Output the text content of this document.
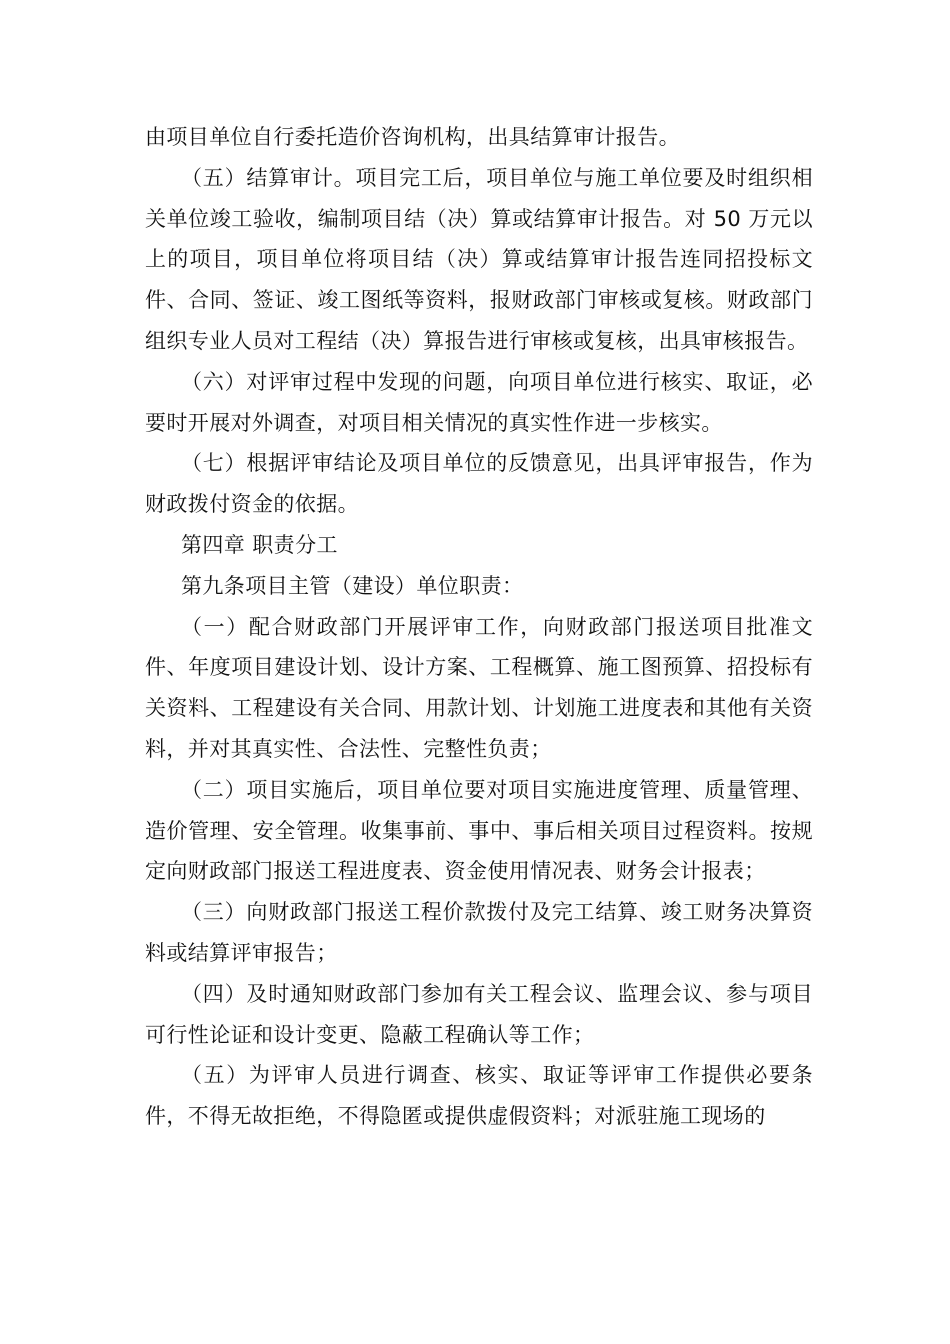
由项目单位自行委托造价咨询机构，出具结算审计报告。

（五）结算审计。项目完工后，项目单位与施工单位要及时组织相关单位竣工验收，编制项目结（决）算或结算审计报告。对 50 万元以上的项目，项目单位将项目结（决）算或结算审计报告连同招投标文件、合同、签证、竣工图纸等资料，报财政部门审核或复核。财政部门组织专业人员对工程结（决）算报告进行审核或复核，出具审核报告。

（六）对评审过程中发现的问题，向项目单位进行核实、取证，必要时开展对外调查，对项目相关情况的真实性作进一步核实。

（七）根据评审结论及项目单位的反馈意见，出具评审报告，作为财政拨付资金的依据。

第四章 职责分工

第九条项目主管（建设）单位职责：

（一）配合财政部门开展评审工作，向财政部门报送项目批准文件、年度项目建设计划、设计方案、工程概算、施工图预算、招投标有关资料、工程建设有关合同、用款计划、计划施工进度表和其他有关资料，并对其真实性、合法性、完整性负责；

（二）项目实施后，项目单位要对项目实施进度管理、质量管理、造价管理、安全管理。收集事前、事中、事后相关项目过程资料。按规定向财政部门报送工程进度表、资金使用情况表、财务会计报表；

（三）向财政部门报送工程价款拨付及完工结算、竣工财务决算资料或结算评审报告；

（四）及时通知财政部门参加有关工程会议、监理会议、参与项目可行性论证和设计变更、隐蔽工程确认等工作；

（五）为评审人员进行调查、核实、取证等评审工作提供必要条件，不得无故拒绝，不得隐匿或提供虚假资料；对派驻施工现场的
